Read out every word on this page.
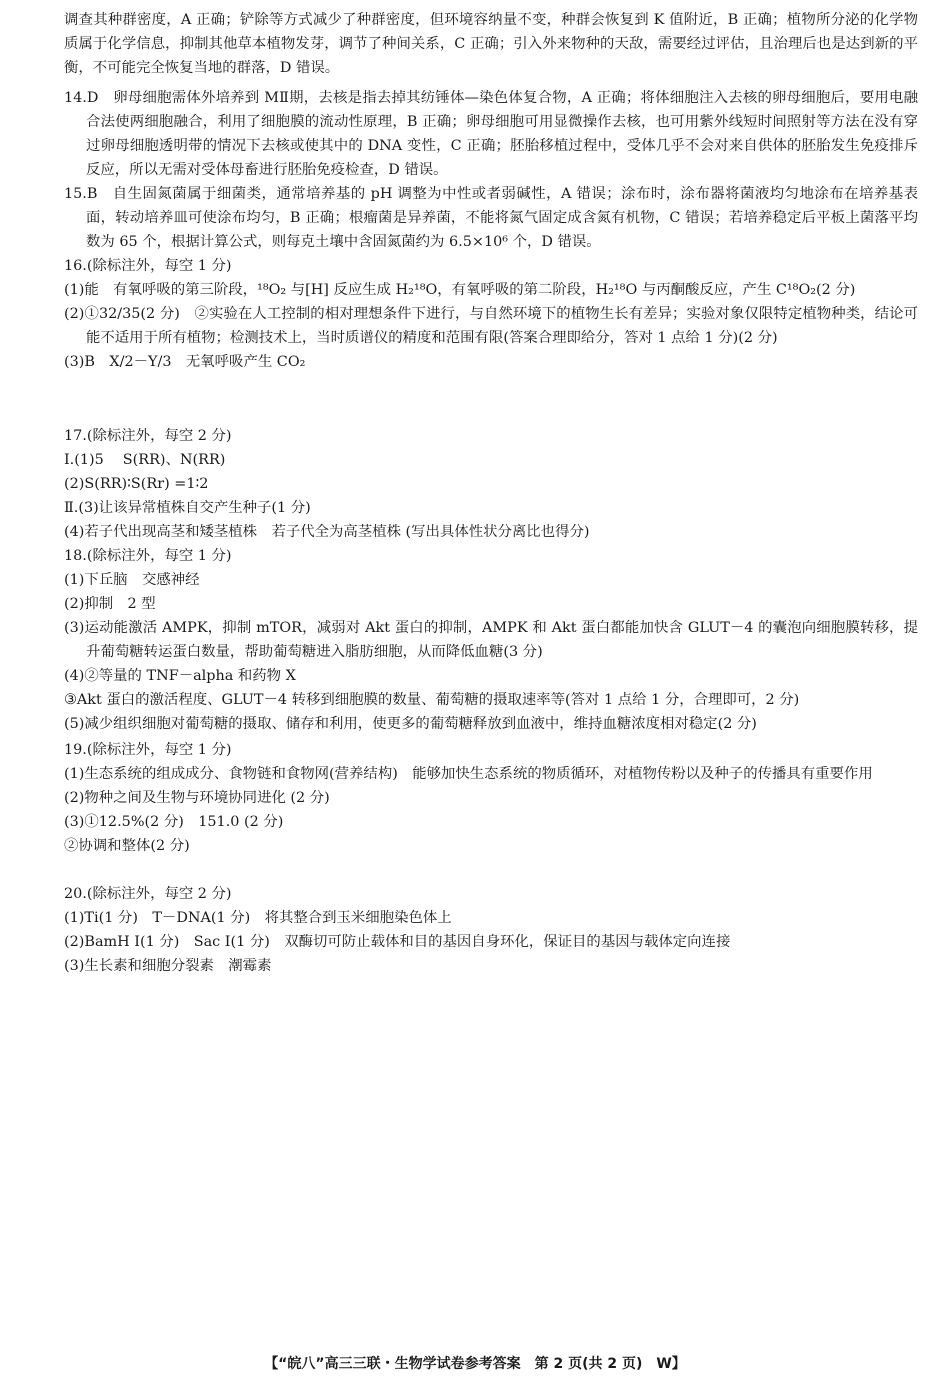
调查其种群密度，A 正确；铲除等方式减少了种群密度，但环境容纳量不变，种群会恢复到 K 值附近，B 正确；植物所分泌的化学物质属于化学信息，抑制其他草本植物发芽，调节了种间关系，C 正确；引入外来物种的天敌，需要经过评估，且治理后也是达到新的平衡，不可能完全恢复当地的群落，D 错误。

14.D　卵母细胞需体外培养到 MⅡ期，去核是指去掉其纺锤体—染色体复合物，A 正确；将体细胞注入去核的卵母细胞后，要用电融合法使两细胞融合，利用了细胞膜的流动性原理，B 正确；卵母细胞可用显微操作去核，也可用紫外线短时间照射等方法在没有穿过卵母细胞透明带的情况下去核或使其中的 DNA 变性，C 正确；胚胎移植过程中，受体几乎不会对来自供体的胚胎发生免疫排斥反应，所以无需对受体母畜进行胚胎免疫检查，D 错误。

15.B　自生固氮菌属于细菌类，通常培养基的 pH 调整为中性或者弱碱性，A 错误；涂布时，涂布器将菌液均匀地涂布在培养基表面，转动培养皿可使涂布均匀，B 正确；根瘤菌是异养菌，不能将氮气固定成含氮有机物，C 错误；若培养稳定后平板上菌落平均数为 65 个，根据计算公式，则每克土壤中含固氮菌约为 6.5×10⁶ 个，D 错误。

16.(除标注外，每空 1 分)

(1)能　有氧呼吸的第三阶段，¹⁸O₂ 与[H] 反应生成 H₂¹⁸O，有氧呼吸的第二阶段，H₂¹⁸O 与丙酮酸反应，产生 C¹⁸O₂(2 分)

(2)①32/35(2 分)　②实验在人工控制的相对理想条件下进行，与自然环境下的植物生长有差异；实验对象仅限特定植物种类，结论可能不适用于所有植物；检测技术上，当时质谱仪的精度和范围有限(答案合理即给分，答对 1 点给 1 分)(2 分)

(3)B　X/2－Y/3　无氧呼吸产生 CO₂

17.(除标注外，每空 2 分)

Ⅰ.(1)5　 S(RR)、N(RR)

(2)S(RR)∶S(Rr) =1∶2

Ⅱ.(3)让该异常植株自交产生种子(1 分)

(4)若子代出现高茎和矮茎植株　若子代全为高茎植株 (写出具体性状分离比也得分)

18.(除标注外，每空 1 分)

(1)下丘脑　交感神经

(2)抑制　2 型

(3)运动能激活 AMPK，抑制 mTOR，减弱对 Akt 蛋白的抑制，AMPK 和 Akt 蛋白都能加快含 GLUT－4 的囊泡向细胞膜转移，提升葡萄糖转运蛋白数量，帮助葡萄糖进入脂肪细胞，从而降低血糖(3 分)

(4)②等量的 TNF－alpha 和药物 X

③Akt 蛋白的激活程度、GLUT－4 转移到细胞膜的数量、葡萄糖的摄取速率等(答对 1 点给 1 分，合理即可，2 分)

(5)减少组织细胞对葡萄糖的摄取、储存和利用，使更多的葡萄糖释放到血液中，维持血糖浓度相对稳定(2 分)

19.(除标注外，每空 1 分)

(1)生态系统的组成成分、食物链和食物网(营养结构)　能够加快生态系统的物质循环，对植物传粉以及种子的传播具有重要作用

(2)物种之间及生物与环境协同进化 (2 分)

(3)①12.5%(2 分)　151.0 (2 分)

②协调和整体(2 分)

20.(除标注外，每空 2 分)

(1)Ti(1 分)　T－DNA(1 分)　将其整合到玉米细胞染色体上

(2)BamH Ⅰ(1 分)　Sac Ⅰ(1 分)　双酶切可防止载体和目的基因自身环化，保证目的基因与载体定向连接

(3)生长素和细胞分裂素　潮霉素

【“皖八”高三三联・生物学试卷参考答案　第 2 页(共 2 页)　W】
